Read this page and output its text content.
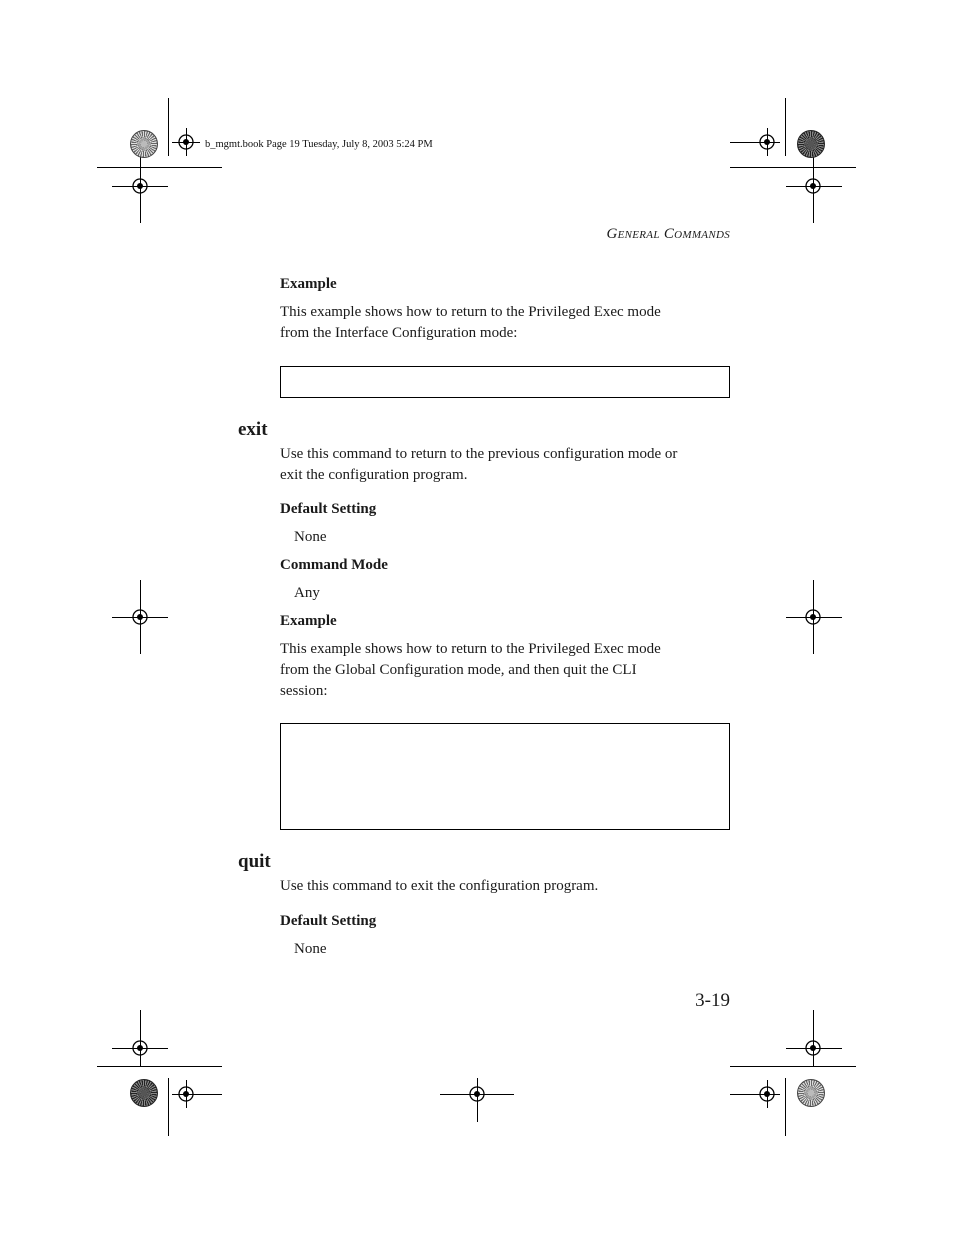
b_mgmt.book Page 19 Tuesday, July 8, 2003 5:24 PM
GENERAL COMMANDS
Example
This example shows how to return to the Privileged Exec mode
from the Interface Configuration mode:
exit
Use this command to return to the previous configuration mode or
exit the configuration program.
Default Setting
None
Command Mode
Any
Example
This example shows how to return to the Privileged Exec mode
from the Global Configuration mode, and then quit the CLI
session:
quit
Use this command to exit the configuration program.
Default Setting
None
3-19
